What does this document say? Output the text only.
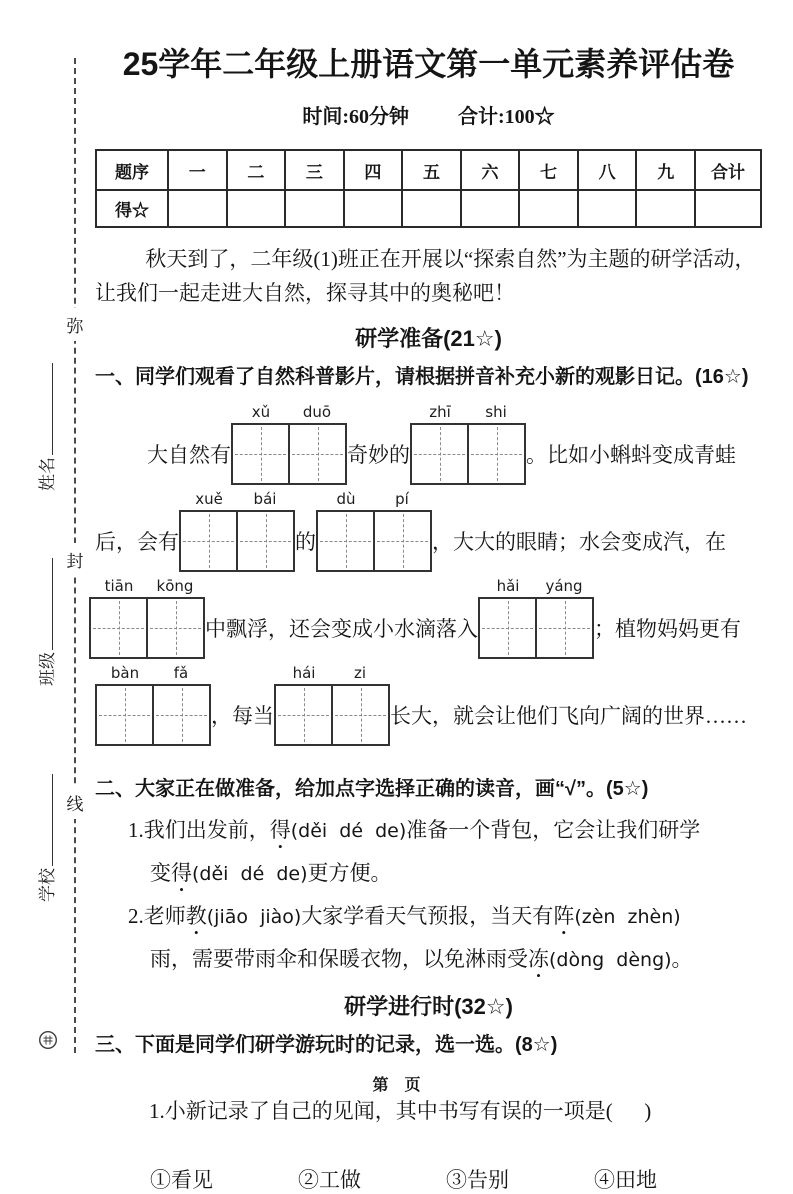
弥
封
线
姓名
班级
学校
25学年二年级上册语文第一单元素养评估卷
时间:60分钟 合计:100☆
题序	一	二	三	四	五	六	七	八	九	合计
得☆										
秋天到了，二年级(1)班正在开展以“探索自然”为主题的研学活动，让我们一起走进大自然，探寻其中的奥秘吧！
研学准备(21☆)
一、同学们观看了自然科普影片，请根据拼音补充小新的观影日记。(16☆)
大自然有
xǔ	duō
奇妙的
zhī	shi
。比如小蝌蚪变成青蛙
后，会有
xuě	bái
的
dù	pí
，大大的眼睛；水会变成汽，在
tiān	kōng
中飘浮，还会变成小水滴落入
hǎi	yáng
；植物妈妈更有
bàn	fǎ
，每当
hái	zi
长大，就会让他们飞向广阔的世界……
二、大家正在做准备，给加点字选择正确的读音，画“√”。(5☆)
1.我们出发前，得(děi  dé  de)准备一个背包，它会让我们研学
变得(děi  dé  de)更方便。
2.老师教(jiāo  jiào)大家学看天气预报，当天有阵(zèn  zhèn)
雨，需要带雨伞和保暖衣物，以免淋雨受冻(dòng  dèng)。
研学进行时(32☆)
三、下面是同学们研学游玩时的记录，选一选。(8☆)

1.小新记录了自己的见闻，其中书写有误的一项是(      )

①看见	②工做	③告别	④田地
第　页
